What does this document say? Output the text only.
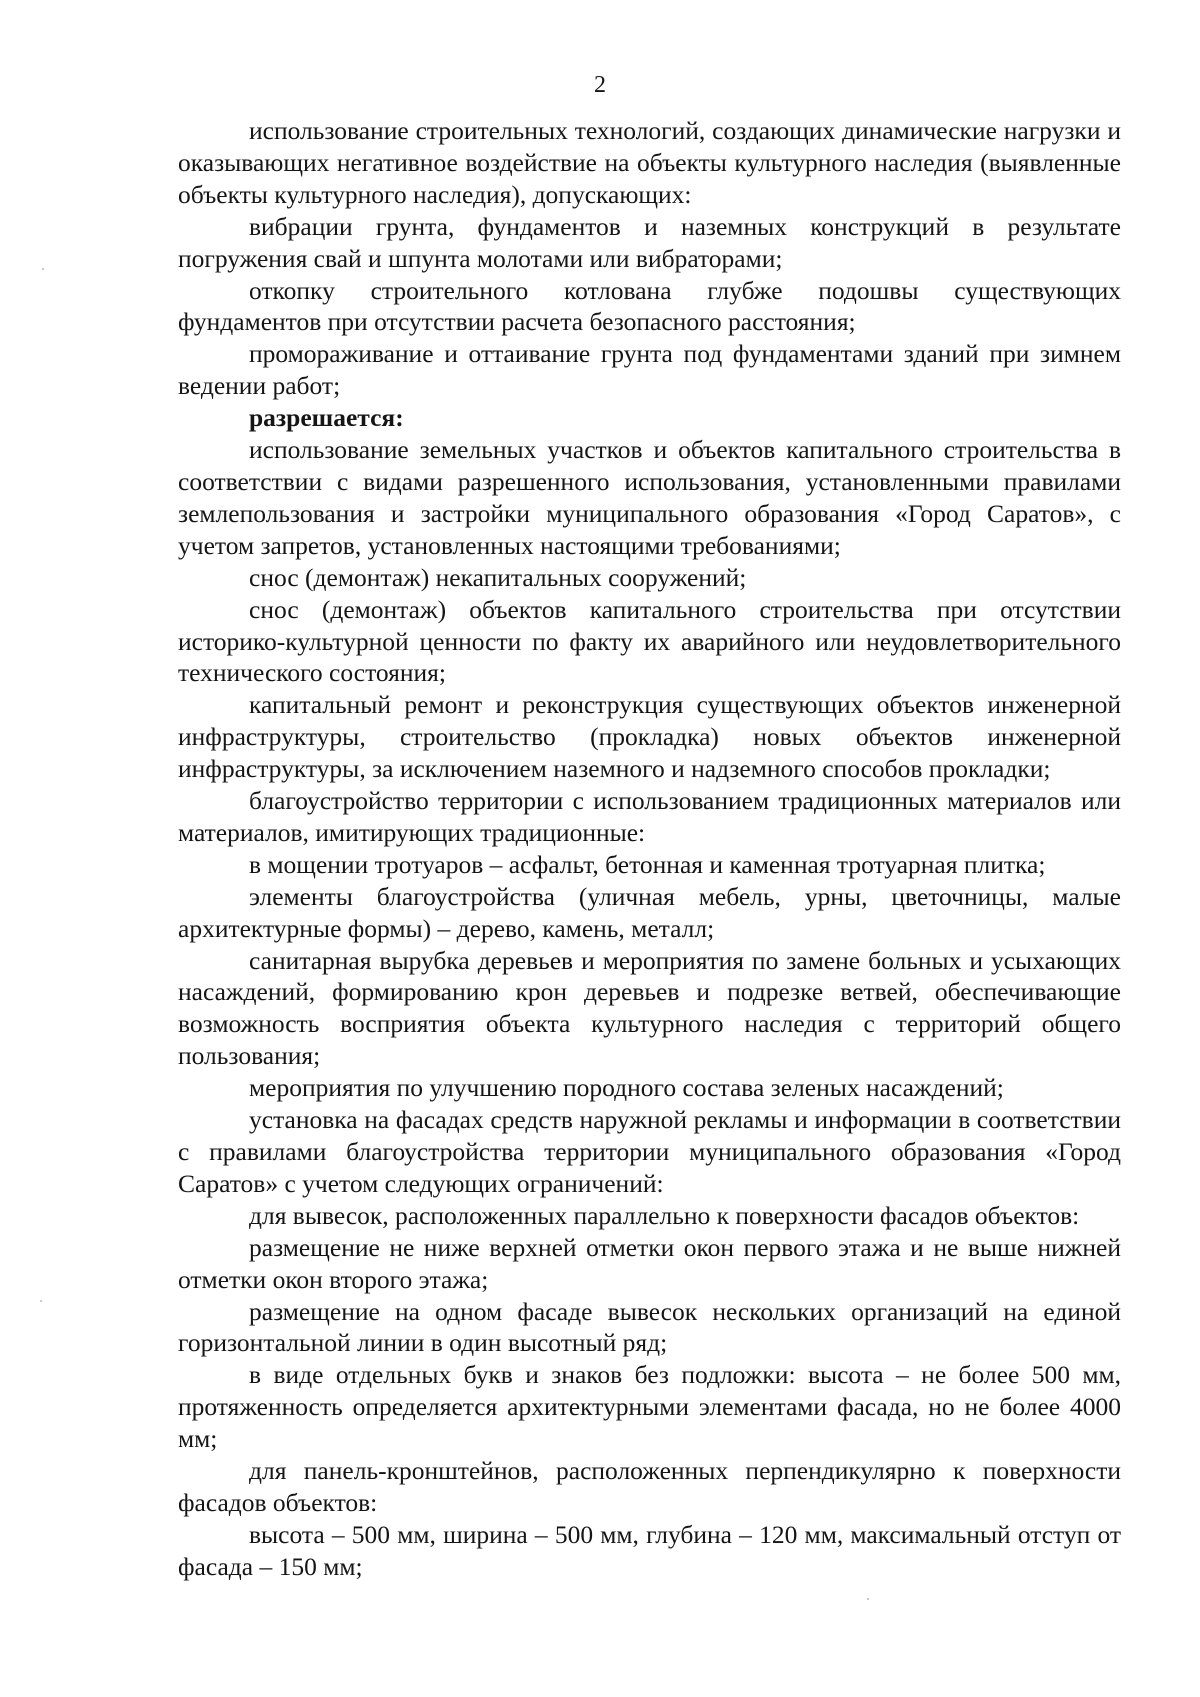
2

использование строительных технологий, создающих динамические нагрузки и оказывающих негативное воздействие на объекты культурного наследия (выявленные объекты культурного наследия), допускающих:

вибрации грунта, фундаментов и наземных конструкций в результате погружения свай и шпунта молотами или вибраторами;

откопку строительного котлована глубже подошвы существующих фундаментов при отсутствии расчета безопасного расстояния;

промораживание и оттаивание грунта под фундаментами зданий при зимнем ведении работ;

разрешается:

использование земельных участков и объектов капитального строительства в соответствии с видами разрешенного использования, установленными правилами землепользования и застройки муниципального образования «Город Саратов», с учетом запретов, установленных настоящими требованиями;

снос (демонтаж) некапитальных сооружений;

снос (демонтаж) объектов капитального строительства при отсутствии историко-культурной ценности по факту их аварийного или неудовлетворительного технического состояния;

капитальный ремонт и реконструкция существующих объектов инженерной инфраструктуры, строительство (прокладка) новых объектов инженерной инфраструктуры, за исключением наземного и надземного способов прокладки;

благоустройство территории с использованием традиционных материалов или материалов, имитирующих традиционные:

в мощении тротуаров – асфальт, бетонная и каменная тротуарная плитка;

элементы благоустройства (уличная мебель, урны, цветочницы, малые архитектурные формы) – дерево, камень, металл;

санитарная вырубка деревьев и мероприятия по замене больных и усыхающих насаждений, формированию крон деревьев и подрезке ветвей, обеспечивающие возможность восприятия объекта культурного наследия с территорий общего пользования;

мероприятия по улучшению породного состава зеленых насаждений;

установка на фасадах средств наружной рекламы и информации в соответствии с правилами благоустройства территории муниципального образования «Город Саратов» с учетом следующих ограничений:

для вывесок, расположенных параллельно к поверхности фасадов объектов:

размещение не ниже верхней отметки окон первого этажа и не выше нижней отметки окон второго этажа;

размещение на одном фасаде вывесок нескольких организаций на единой горизонтальной линии в один высотный ряд;

в виде отдельных букв и знаков без подложки: высота – не более 500 мм, протяженность определяется архитектурными элементами фасада, но не более 4000 мм;

для панель-кронштейнов, расположенных перпендикулярно к поверхности фасадов объектов:

высота – 500 мм, ширина – 500 мм, глубина – 120 мм, максимальный отступ от фасада – 150 мм;
